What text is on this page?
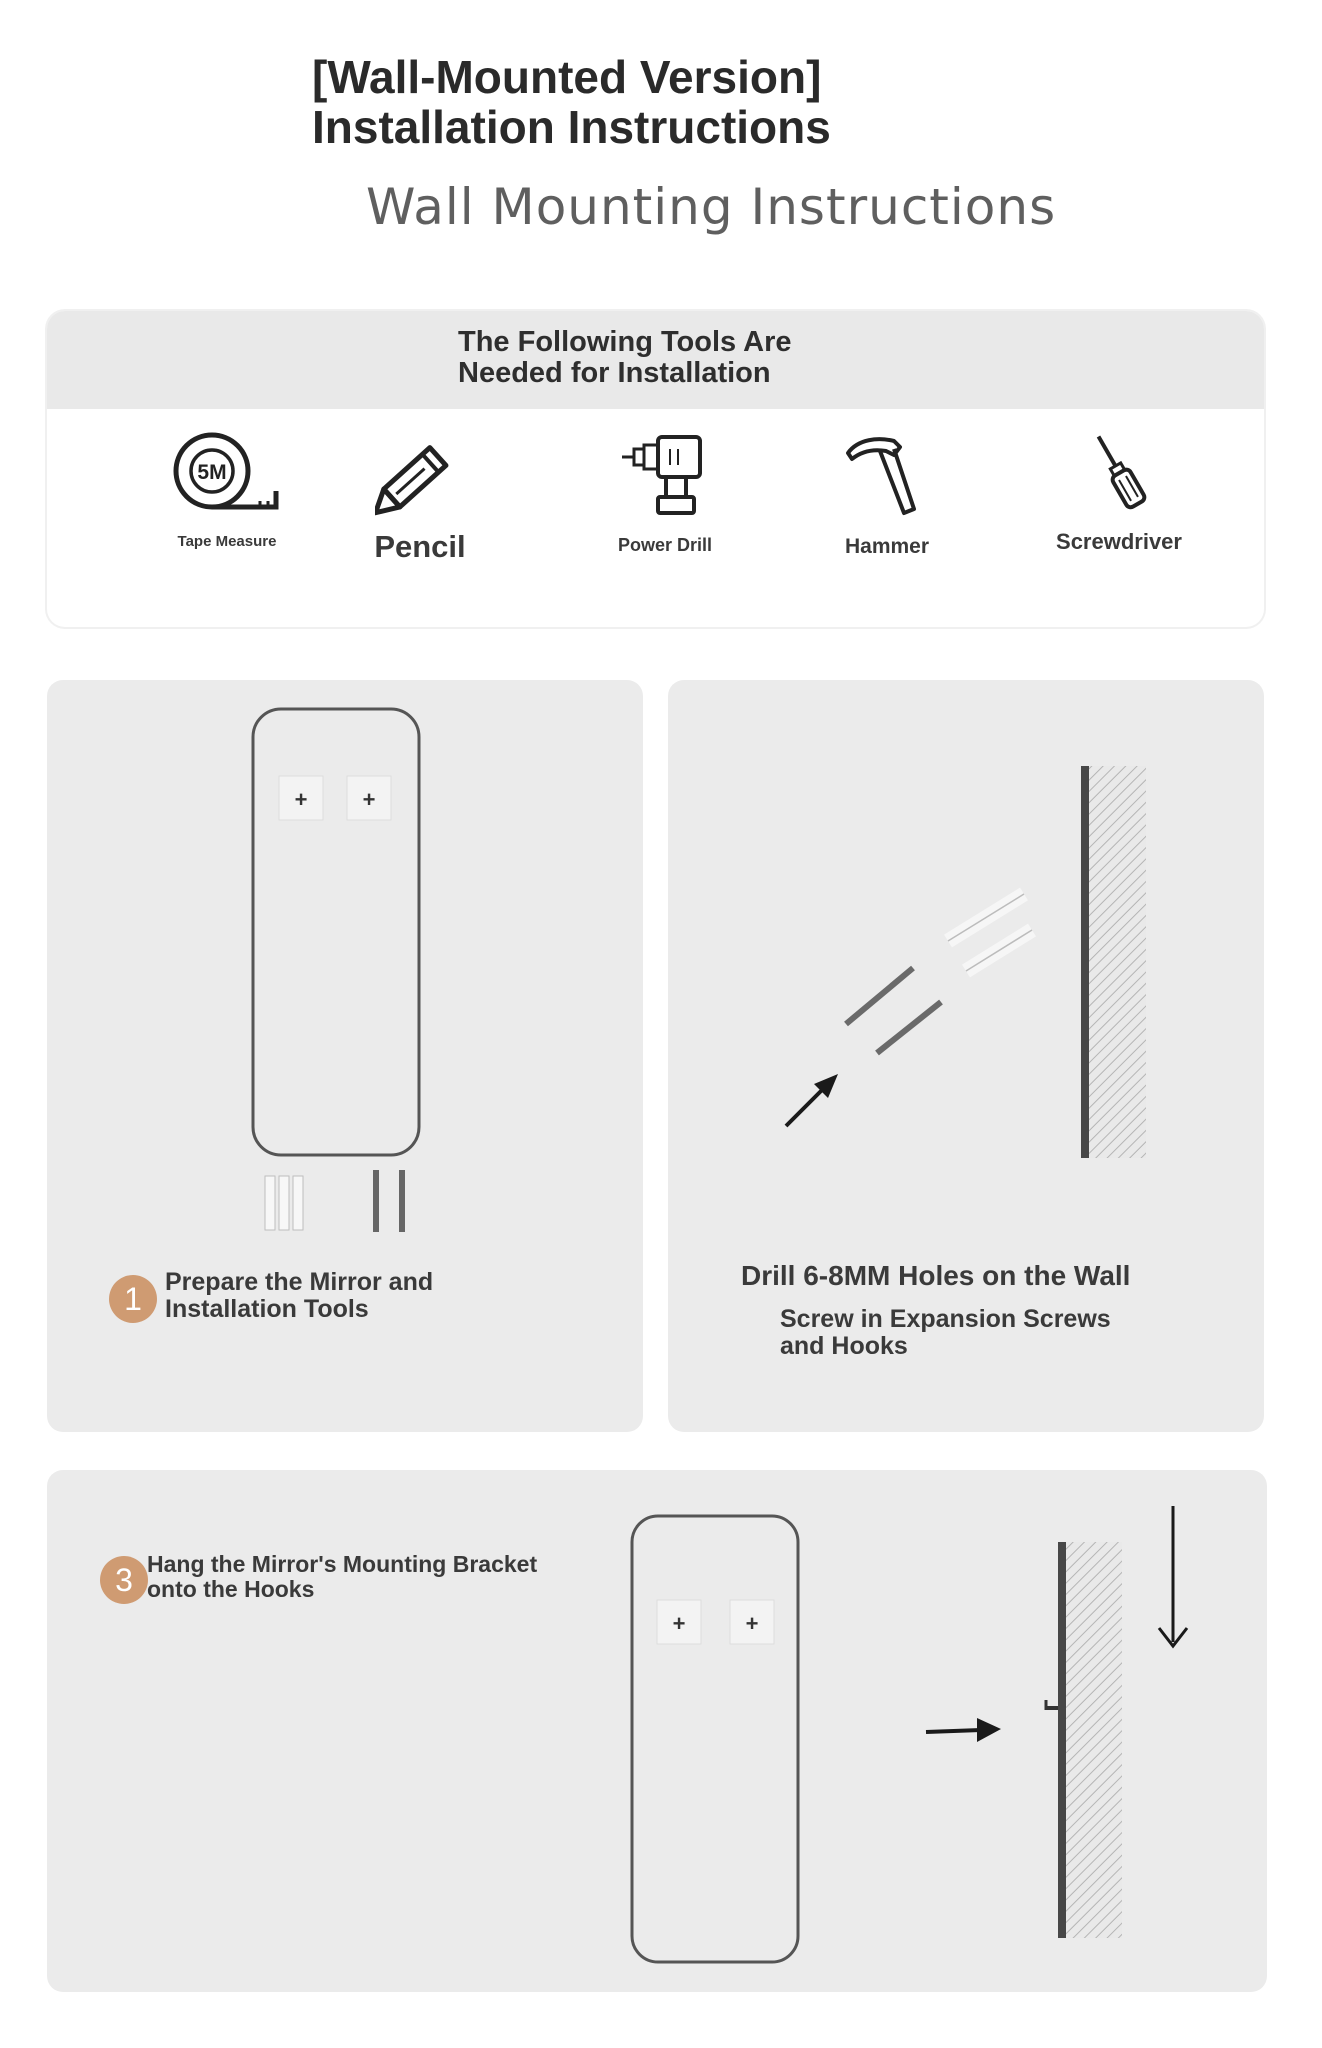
[Wall-Mounted Version]
Installation Instructions
Wall Mounting Instructions
The Following Tools Are
Needed for Installation
5M
Tape Measure	Pencil	Power Drill	Hammer	Screwdriver
+	+
1 Prepare the Mirror and
Installation Tools
Drill 6-8MM Holes on the Wall
Screw in Expansion Screws
and Hooks
3 Hang the Mirror's Mounting Bracket
onto the Hooks
+	+
